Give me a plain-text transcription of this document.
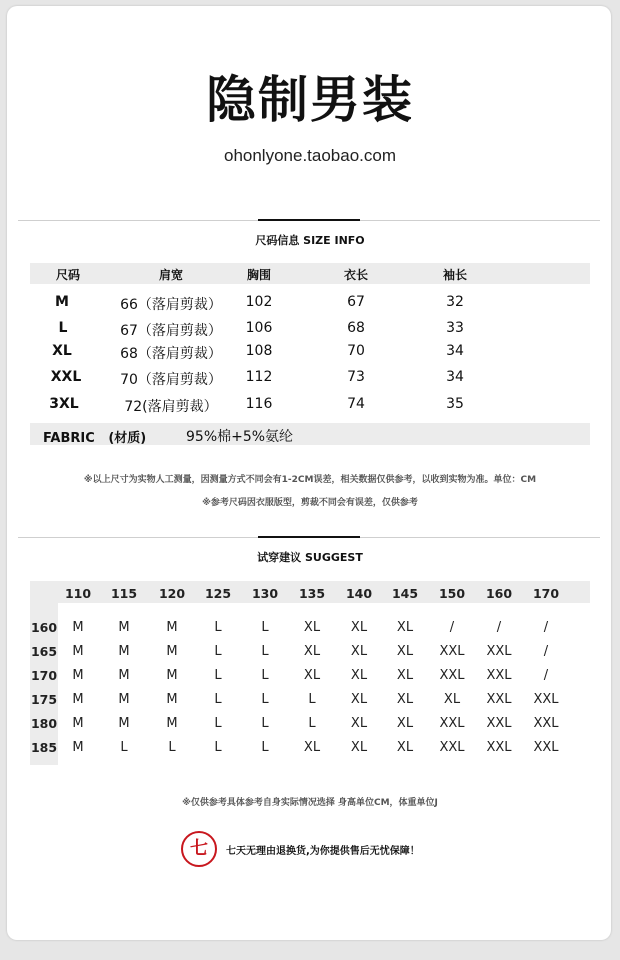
隐制男装
ohonlyone.taobao.com
尺码信息 SIZE INFO
尺码	肩宽	胸围	衣长	袖长
M	66（落肩剪裁） 102	67	32
L	67（落肩剪裁） 106	68	33
XL	68（落肩剪裁） 108	70	34
XXL	70（落肩剪裁） 112	73	34
3XL	72(落肩剪裁） 116	74	35
FABRIC   (材质)	95%棉+5%氨纶
※以上尺寸为实物人工测量，因测量方式不同会有1-2CM误差，相关数据仅供参考，以收到实物为准。单位：CM
※参考尺码因衣服版型，剪裁不同会有误差，仅供参考
试穿建议 SUGGEST
110 115 120 125 130 135 140 145 150 160 170
160 M	M	M	L	L	XL XL XL	/	/	/
165 M	M	M	L	L	XL XL XL XXL XXL /
170 M	M	M	L	L	XL XL XL XXL XXL /
175 M	M	M	L	L	L	XL XL XL XXL XXL
180 M	M	M	L	L	L	XL XL XXL XXL XXL
185 M	L	L	L	L	XL XL XL XXL XXL XXL
※仅供参考具体参考自身实际情况选择 身高单位CM，体重单位J
七	七天无理由退换货,为你提供售后无忧保障！
